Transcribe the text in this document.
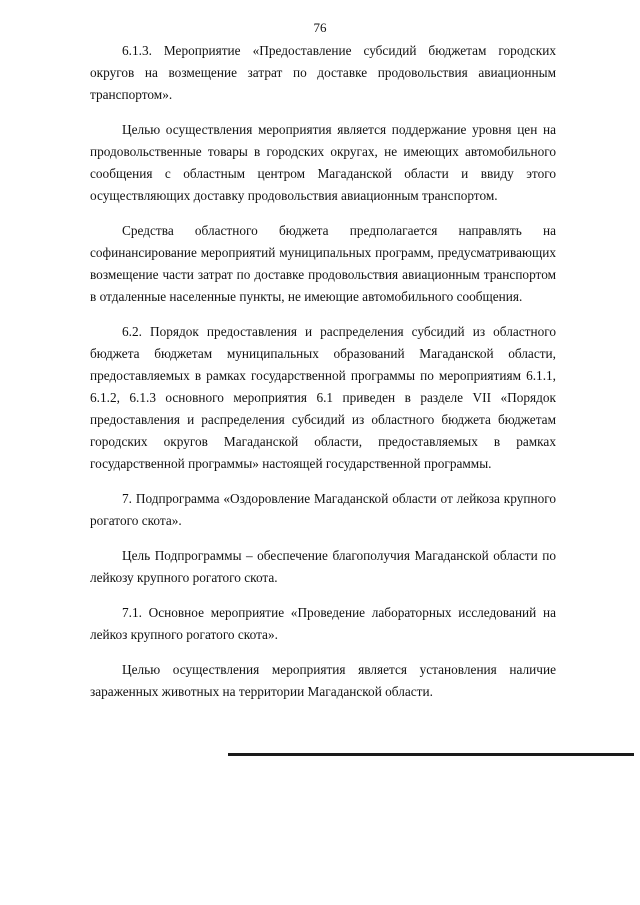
76

6.1.3. Мероприятие «Предоставление субсидий бюджетам городских округов на возмещение затрат по доставке продовольствия авиационным транспортом».

Целью осуществления мероприятия является поддержание уровня цен на продовольственные товары в городских округах, не имеющих автомобильного сообщения с областным центром Магаданской области и ввиду этого осуществляющих доставку продовольствия авиационным транспортом.

Средства областного бюджета предполагается направлять на софинансирование мероприятий муниципальных программ, предусматривающих возмещение части затрат по доставке продовольствия авиационным транспортом в отдаленные населенные пункты, не имеющие автомобильного сообщения.

6.2. Порядок предоставления и распределения субсидий из областного бюджета бюджетам муниципальных образований Магаданской области, предоставляемых в рамках государственной программы по мероприятиям 6.1.1, 6.1.2, 6.1.3 основного мероприятия 6.1 приведен в разделе VII «Порядок предоставления и распределения субсидий из областного бюджета бюджетам городских округов Магаданской области, предоставляемых в рамках государственной программы» настоящей государственной программы.

7. Подпрограмма «Оздоровление Магаданской области от лейкоза крупного рогатого скота».

Цель Подпрограммы – обеспечение благополучия Магаданской области по лейкозу крупного рогатого скота.

7.1. Основное мероприятие «Проведение лабораторных исследований на лейкоз крупного рогатого скота».

Целью осуществления мероприятия является установления наличие зараженных животных на территории Магаданской области.
